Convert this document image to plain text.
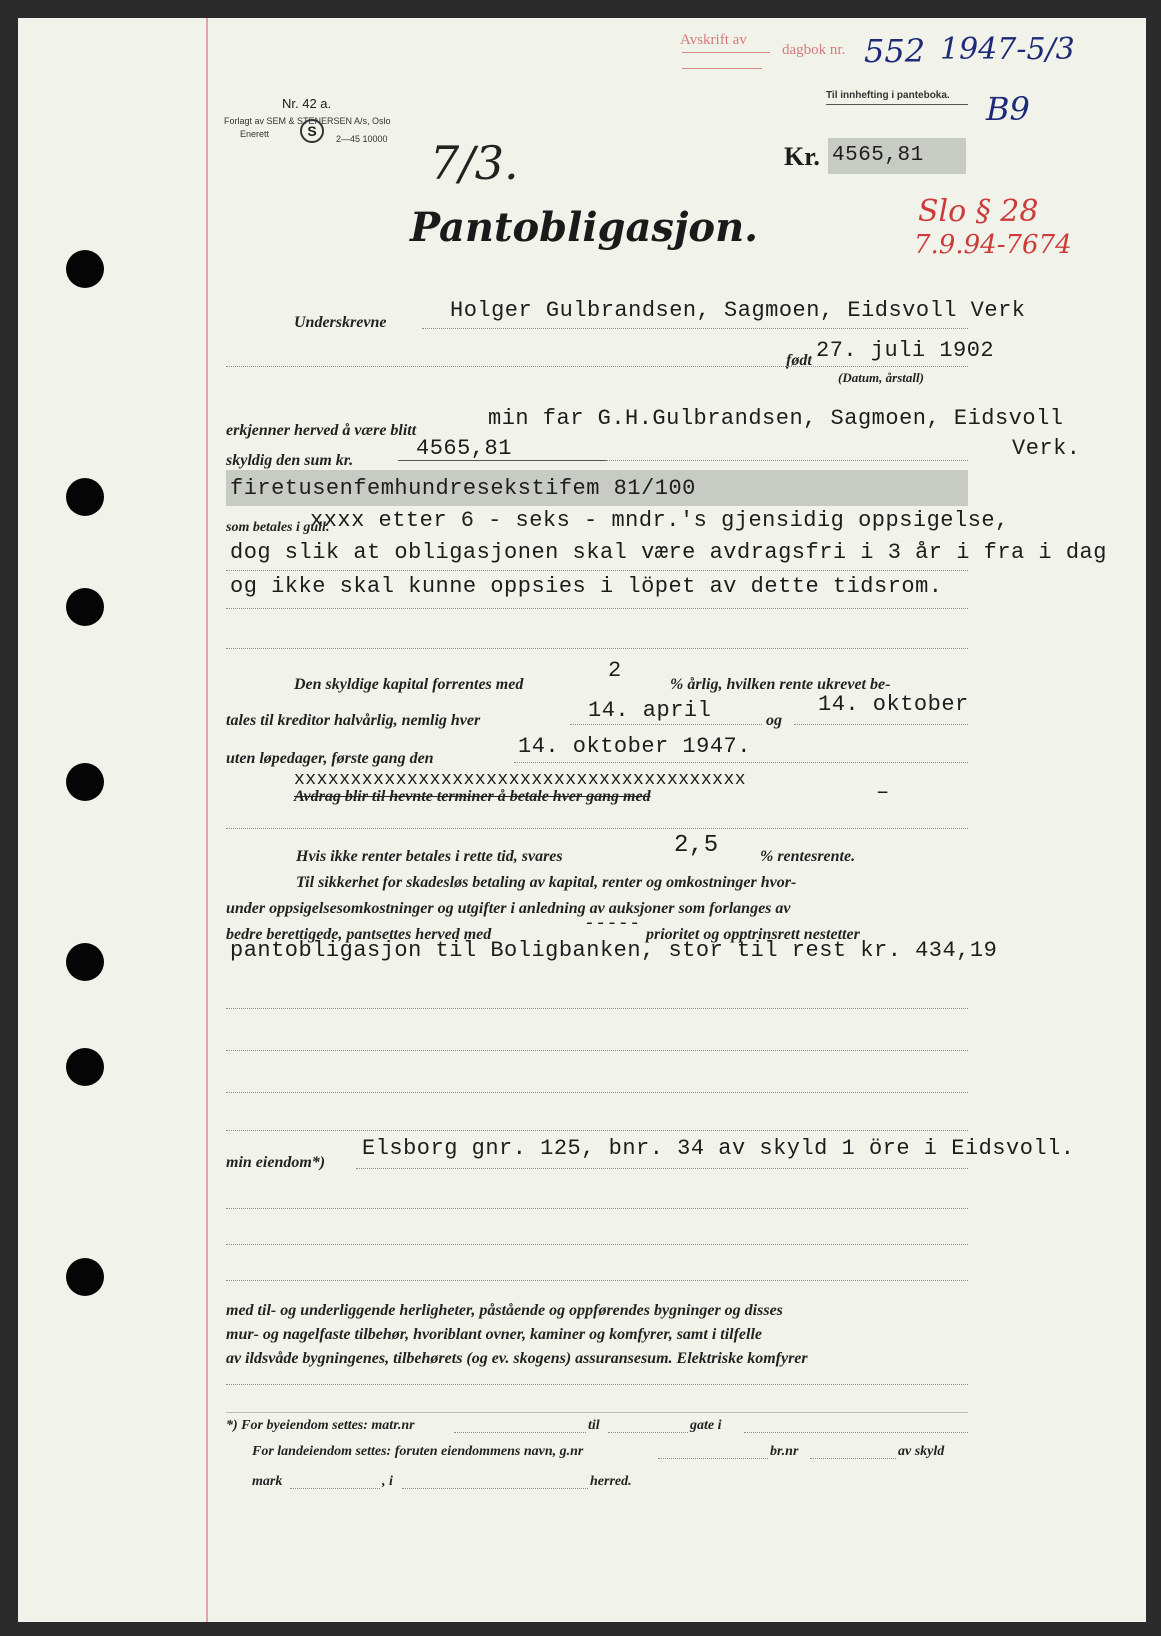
Nr. 42 a.
Forlagt av SEM & STENERSEN A/s, Oslo
Enerett	S	2—45 10000 7/3.
Avskrift av
dagbok nr. 552 1947-5/3
Til innhefting i panteboka. B9
Kr. 4565,81
Slo § 28
7.9.94-7674
Pantobligasjon.
Underskrevne	Holger Gulbrandsen, Sagmoen, Eidsvoll Verk
født 27. juli 1902
(Datum, årstall)
erkjenner herved å være blitt	min far G.H.Gulbrandsen, Sagmoen, Eidsvoll
Verk.
skyldig den sum kr.	4565,81
firetusenfemhundresekstifem 81/100
som betales i gull.
xxxx etter 6 - seks - mndr.'s gjensidig oppsigelse,
dog slik at obligasjonen skal være avdragsfri i 3 år i fra i dag
og ikke skal kunne oppsies i löpet av dette tidsrom.
Den skyldige kapital forrentes med
2
% årlig, hvilken rente ukrevet be-
tales til kreditor halvårlig, nemlig hver	14. april	og
14. oktober
uten løpedager, første gang den	14. oktober 1947.
xxxxxxxxxxxxxxxxxxxxxxxxxxxxxxxxxxxxxxxx
Avdrag blir til hevnte terminer å betale hver gang med	–
Hvis ikke renter betales i rette tid, svares	2,5	% rentesrente.
Til sikkerhet for skadesløs betaling av kapital, renter og omkostninger hvor-
under oppsigelsesomkostninger og utgifter i anledning av auksjoner som forlanges av
bedre berettigede, pantsettes herved med
-----
prioritet og opptrinsrett nestetter
pantobligasjon til Boligbanken, stor til rest kr. 434,19
min eiendom*)
Elsborg gnr. 125, bnr. 34 av skyld 1 öre i Eidsvoll.
med til- og underliggende herligheter, påstående og oppførendes bygninger og disses
mur- og nagelfaste tilbehør, hvoriblant ovner, kaminer og komfyrer, samt i tilfelle
av ildsvåde bygningenes, tilbehørets (og ev. skogens) assuransesum. Elektriske komfyrer
*) For byeiendom settes: matr.nr	til	gate i
For landeiendom settes: foruten eiendommens navn, g.nr	br.nr	av skyld
mark	, i	herred.
